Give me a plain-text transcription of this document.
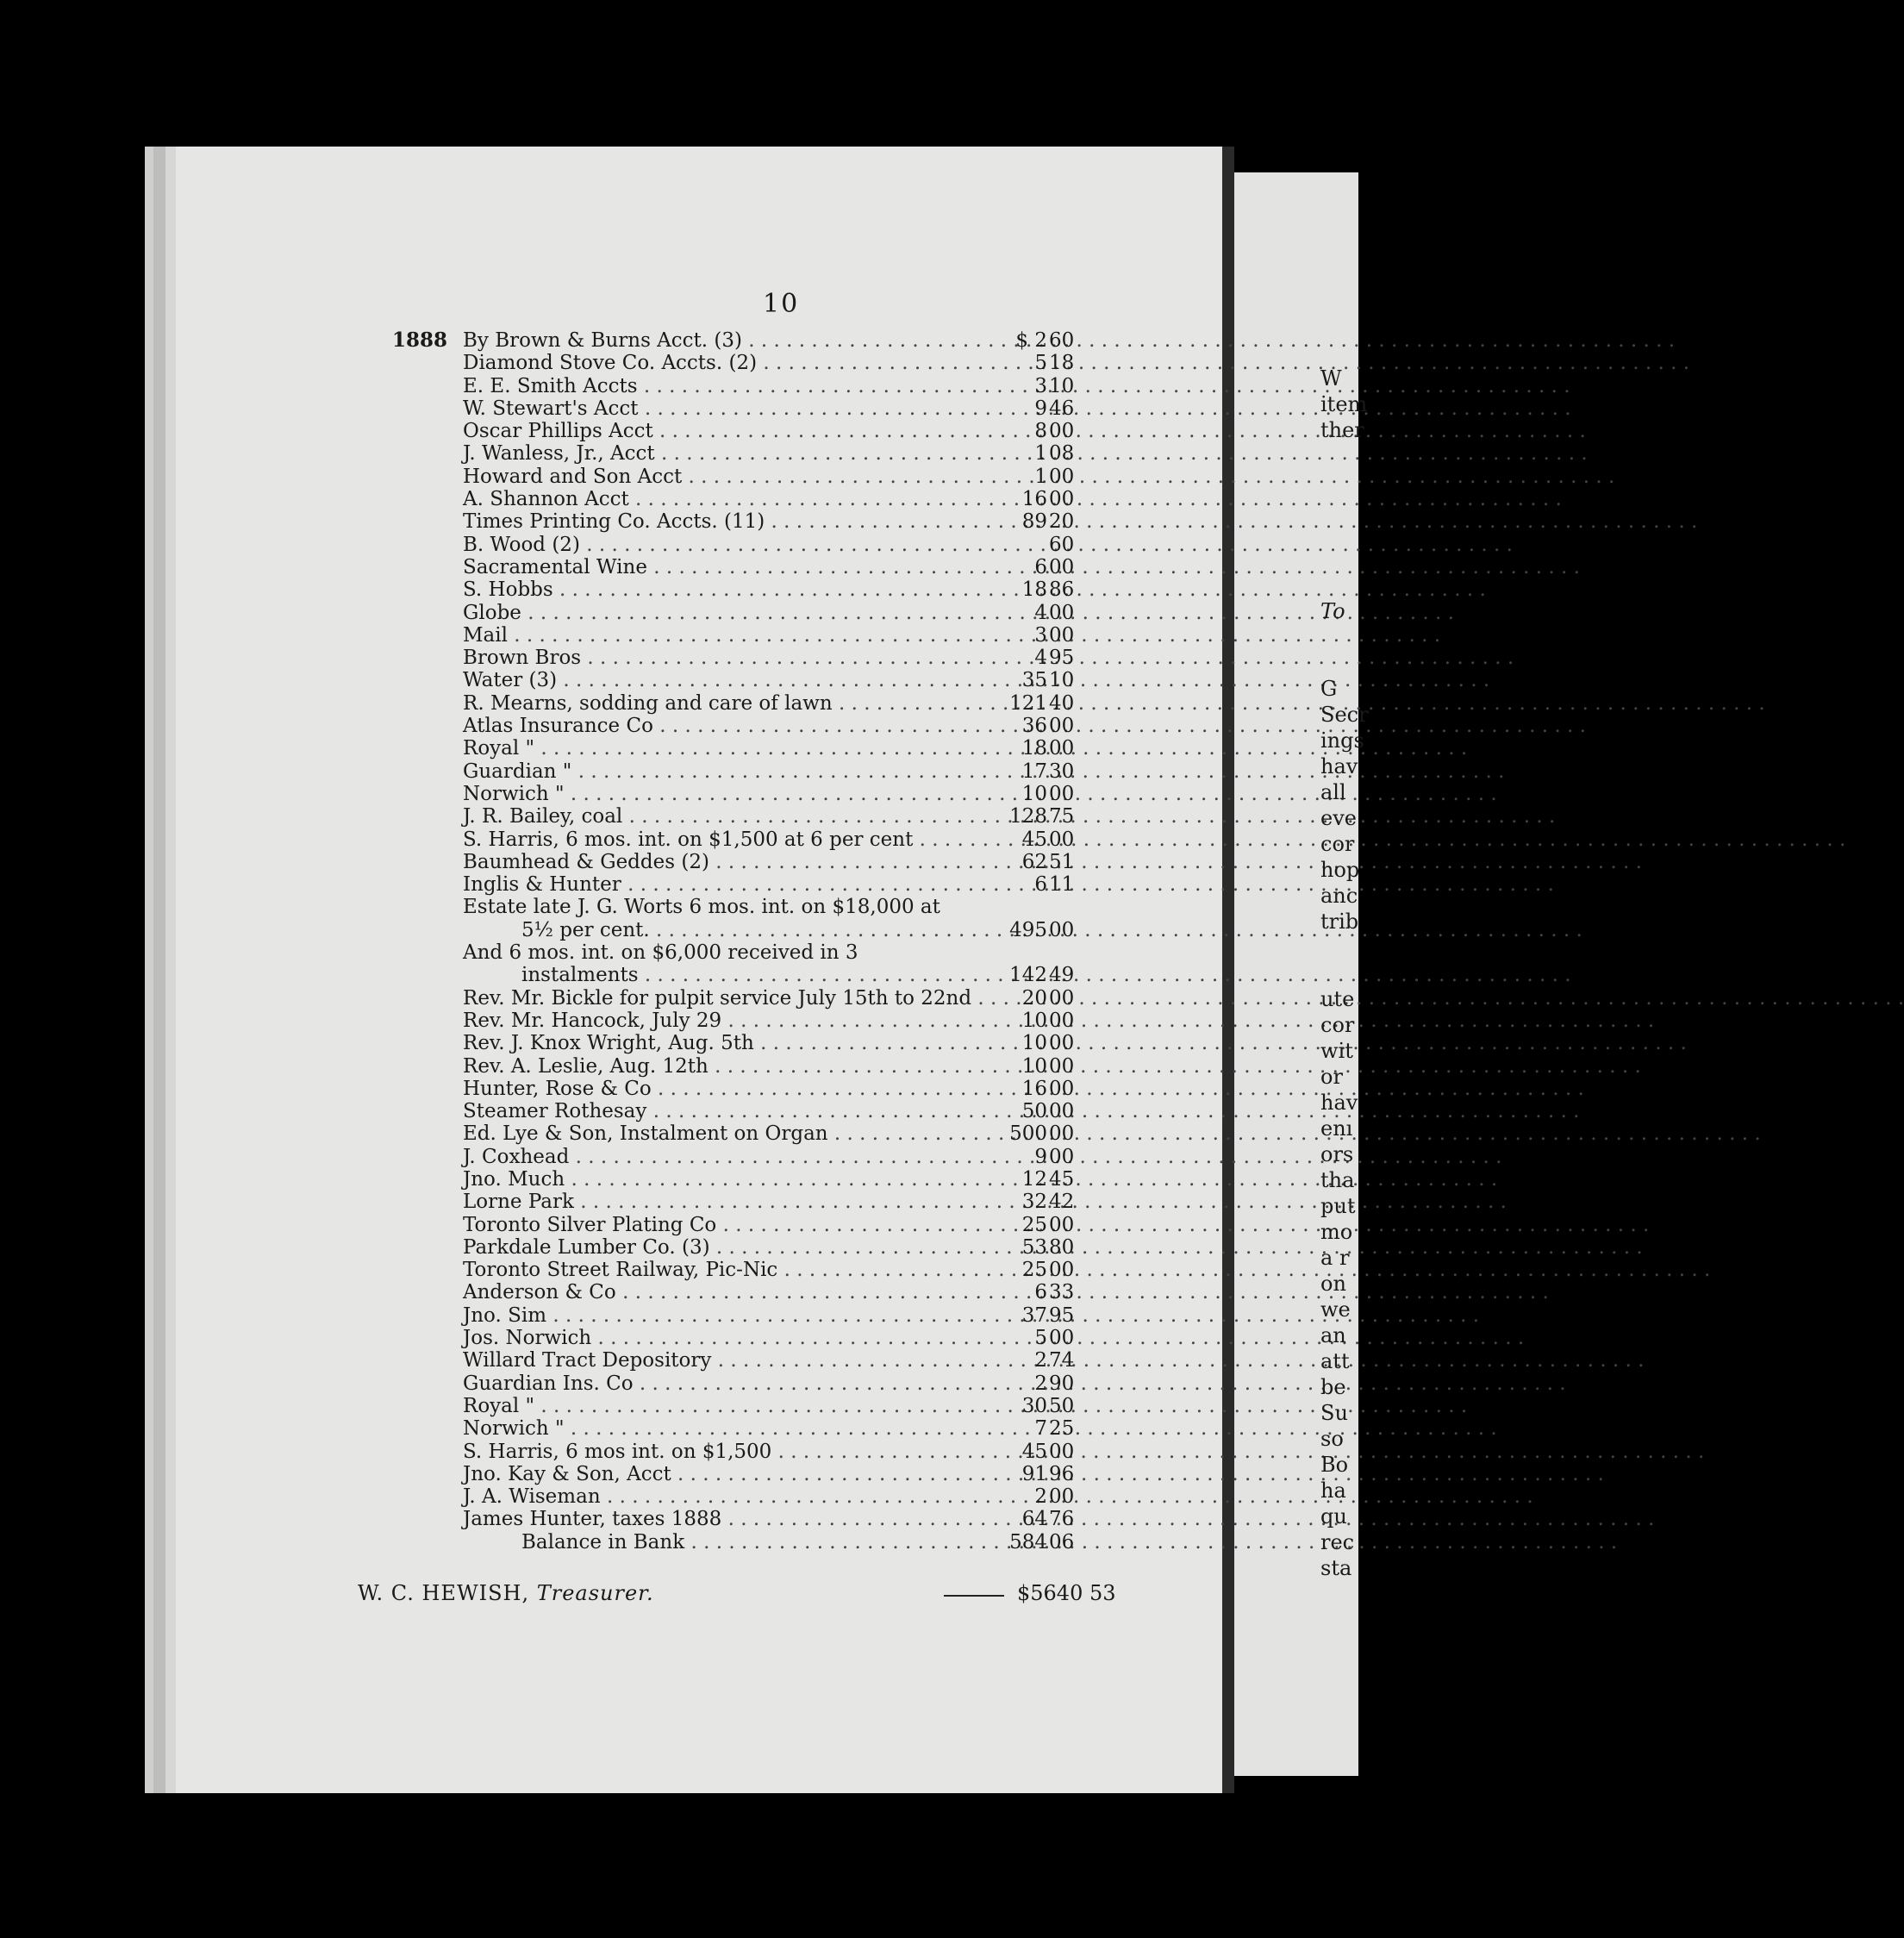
10
1888 By Brown & Burns Acct. (3) . . .	$ 2 60
Diamond Stove Co. Accts. (2) . . .	5 18
E. E. Smith Accts . . .	3 10
W. Stewart's Acct . . .	9 46
Oscar Phillips Acct . . .	8 00
J. Wanless, Jr., Acct . . .	1 08
Howard and Son Acct . . .	1 00
A. Shannon Acct . . .	16 00
Times Printing Co. Accts. (11) . . .	89 20
B. Wood (2) . . .	60
Sacramental Wine . . .	6 00
S. Hobbs . . .	18 86
Globe . . .	4 00
Mail . . .	3 00
Brown Bros . . .	4 95
Water (3) . . .	35 10
R. Mearns, sodding and care of lawn . . .	121 40
Atlas Insurance Co . . .	36 00
Royal " . . .	18 00
Guardian " . . .	17 30
Norwich " . . .	10 00
J. R. Bailey, coal . . .	128 75
S. Harris, 6 mos. int. on $1,500 at 6 per cent . . .	45 00
Baumhead & Geddes (2) . . .	62 51
Inglis & Hunter . . .	6 11
Estate late J. G. Worts 6 mos. int. on $18,000 at
5½ per cent. . . .	495 00
And 6 mos. int. on $6,000 received in 3
instalments . . .	142 49
Rev. Mr. Bickle for pulpit service July 15th to 22nd . . .	20 00
Rev. Mr. Hancock, July 29 . . .	10 00
Rev. J. Knox Wright, Aug. 5th . . .	10 00
Rev. A. Leslie, Aug. 12th . . .	10 00
Hunter, Rose & Co . . .	16 00
Steamer Rothesay . . .	50 00
Ed. Lye & Son, Instalment on Organ . . .	500 00
J. Coxhead . . .	9 00
Jno. Much . . .	12 45
Lorne Park . . .	32 42
Toronto Silver Plating Co . . .	25 00
Parkdale Lumber Co. (3) . . .	53 80
Toronto Street Railway, Pic-Nic . . .	25 00
Anderson & Co . . .	6 33
Jno. Sim . . .	37 95
Jos. Norwich . . .	5 00
Willard Tract Depository . . .	2 74
Guardian Ins. Co . . .	2 90
Royal " . . .	30 50
Norwich " . . .	7 25
S. Harris, 6 mos int. on $1,500 . . .	45 00
Jno. Kay & Son, Acct . . .	91 96
J. A. Wiseman . . .	2 00
James Hunter, taxes 1888 . . .	64 76
Balance in Bank . . .	584 06
W. C. HEWISH, Treasurer.	$5640 53
W
item
ther
To
G
Secr
ings
hav
all
eve
cor
hop
anc
trib
ute
cor
wit
or
hav
enı
ors
tha
put
mo
a r
on
we
an
att
be
Su
so
Bo
ha
qu
rec
sta
